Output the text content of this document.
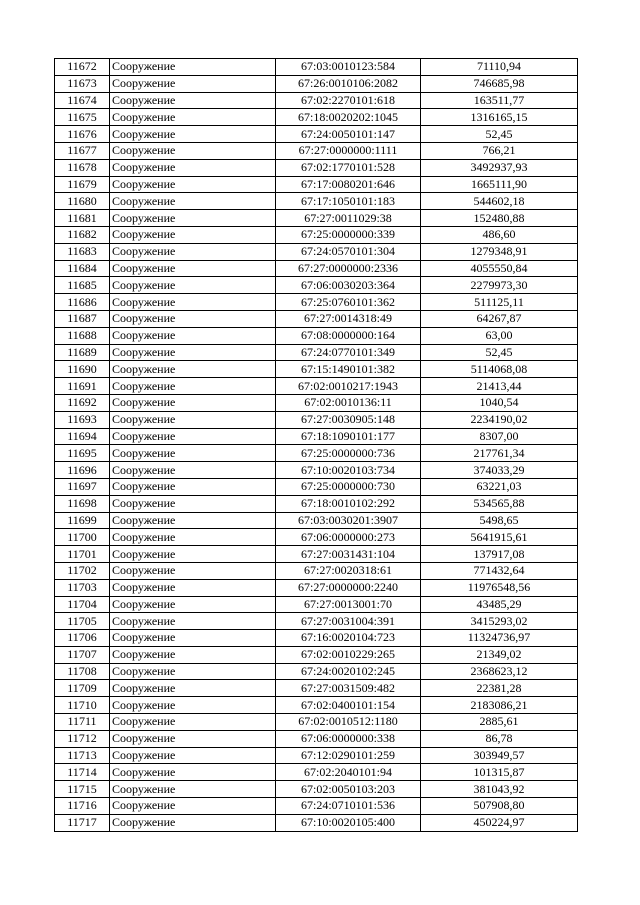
11672	Сооружение	67:03:0010123:584	71110,94
11673	Сооружение	67:26:0010106:2082	746685,98
11674	Сооружение	67:02:2270101:618	163511,77
11675	Сооружение	67:18:0020202:1045	1316165,15
11676	Сооружение	67:24:0050101:147	52,45
11677	Сооружение	67:27:0000000:1111	766,21
11678	Сооружение	67:02:1770101:528	3492937,93
11679	Сооружение	67:17:0080201:646	1665111,90
11680	Сооружение	67:17:1050101:183	544602,18
11681	Сооружение	67:27:0011029:38	152480,88
11682	Сооружение	67:25:0000000:339	486,60
11683	Сооружение	67:24:0570101:304	1279348,91
11684	Сооружение	67:27:0000000:2336	4055550,84
11685	Сооружение	67:06:0030203:364	2279973,30
11686	Сооружение	67:25:0760101:362	511125,11
11687	Сооружение	67:27:0014318:49	64267,87
11688	Сооружение	67:08:0000000:164	63,00
11689	Сооружение	67:24:0770101:349	52,45
11690	Сооружение	67:15:1490101:382	5114068,08
11691	Сооружение	67:02:0010217:1943	21413,44
11692	Сооружение	67:02:0010136:11	1040,54
11693	Сооружение	67:27:0030905:148	2234190,02
11694	Сооружение	67:18:1090101:177	8307,00
11695	Сооружение	67:25:0000000:736	217761,34
11696	Сооружение	67:10:0020103:734	374033,29
11697	Сооружение	67:25:0000000:730	63221,03
11698	Сооружение	67:18:0010102:292	534565,88
11699	Сооружение	67:03:0030201:3907	5498,65
11700	Сооружение	67:06:0000000:273	5641915,61
11701	Сооружение	67:27:0031431:104	137917,08
11702	Сооружение	67:27:0020318:61	771432,64
11703	Сооружение	67:27:0000000:2240	11976548,56
11704	Сооружение	67:27:0013001:70	43485,29
11705	Сооружение	67:27:0031004:391	3415293,02
11706	Сооружение	67:16:0020104:723	11324736,97
11707	Сооружение	67:02:0010229:265	21349,02
11708	Сооружение	67:24:0020102:245	2368623,12
11709	Сооружение	67:27:0031509:482	22381,28
11710	Сооружение	67:02:0400101:154	2183086,21
11711	Сооружение	67:02:0010512:1180	2885,61
11712	Сооружение	67:06:0000000:338	86,78
11713	Сооружение	67:12:0290101:259	303949,57
11714	Сооружение	67:02:2040101:94	101315,87
11715	Сооружение	67:02:0050103:203	381043,92
11716	Сооружение	67:24:0710101:536	507908,80
11717	Сооружение	67:10:0020105:400	450224,97
